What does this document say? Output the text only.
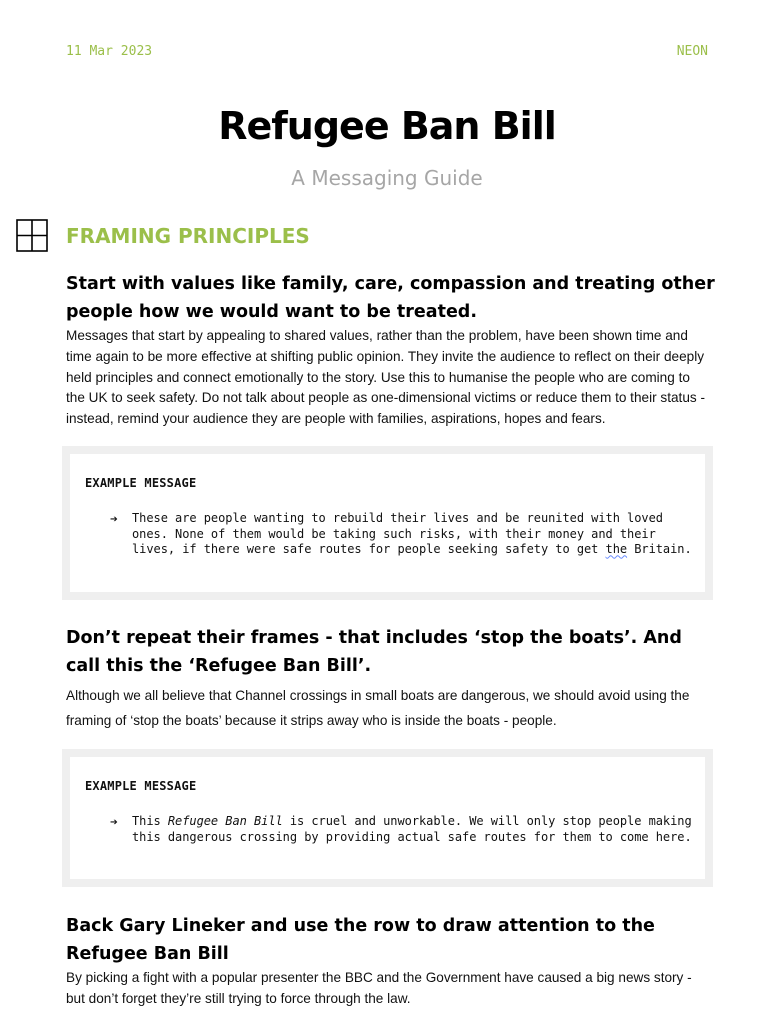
11 Mar 2023	NEON
Refugee Ban Bill
A Messaging Guide
FRAMING PRINCIPLES
Start with values like family, care, compassion and treating other people how we would want to be treated.
Messages that start by appealing to shared values, rather than the problem, have been shown time and time again to be more effective at shifting public opinion. They invite the audience to reflect on their deeply held principles and connect emotionally to the story. Use this to humanise the people who are coming to the UK to seek safety. Do not talk about people as one-dimensional victims or reduce them to their status - instead, remind your audience they are people with families, aspirations, hopes and fears.
EXAMPLE MESSAGE
➔ These are people wanting to rebuild their lives and be reunited with loved ones. None of them would be taking such risks, with their money and their lives, if there were safe routes for people seeking safety to get the Britain.
Don’t repeat their frames - that includes ‘stop the boats’. And call this the ‘Refugee Ban Bill’.
Although we all believe that Channel crossings in small boats are dangerous, we should avoid using the framing of ‘stop the boats’ because it strips away who is inside the boats - people.
EXAMPLE MESSAGE
➔ This Refugee Ban Bill is cruel and unworkable. We will only stop people making this dangerous crossing by providing actual safe routes for them to come here.
Back Gary Lineker and use the row to draw attention to the Refugee Ban Bill
By picking a fight with a popular presenter the BBC and the Government have caused a big news story - but don’t forget they’re still trying to force through the law.
